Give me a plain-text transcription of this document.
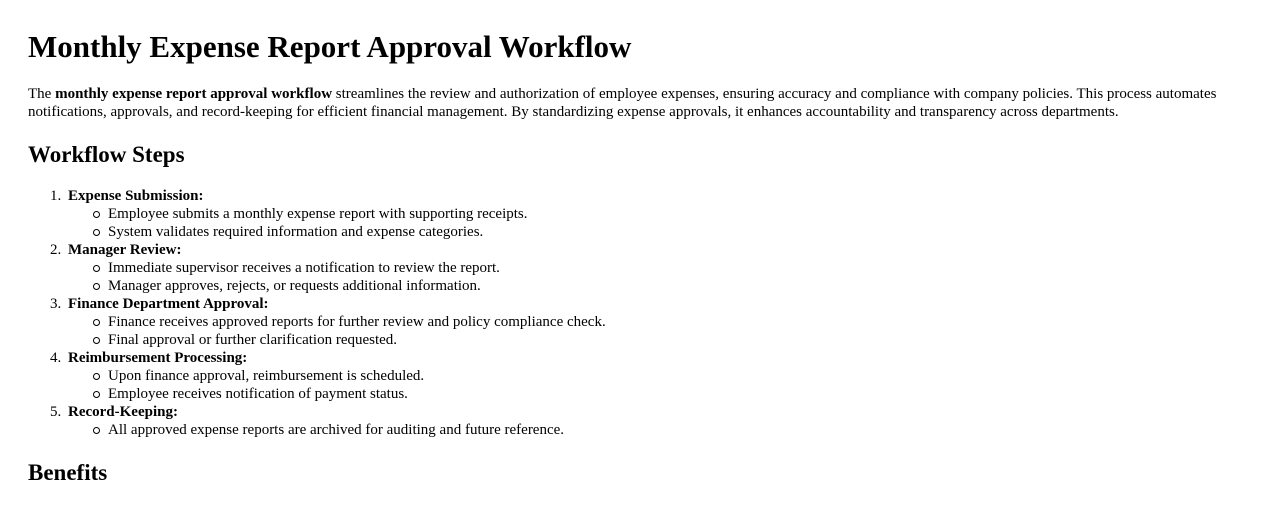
Monthly Expense Report Approval Workflow

The monthly expense report approval workflow streamlines the review and authorization of employee expenses, ensuring accuracy and compliance with company policies. This process automates notifications, approvals, and record-keeping for efficient financial management. By standardizing expense approvals, it enhances accountability and transparency across departments.

Workflow Steps
1. Expense Submission:
Employee submits a monthly expense report with supporting receipts.
System validates required information and expense categories.
2. Manager Review:
Immediate supervisor receives a notification to review the report.
Manager approves, rejects, or requests additional information.
3. Finance Department Approval:
Finance receives approved reports for further review and policy compliance check.
Final approval or further clarification requested.
4. Reimbursement Processing:
Upon finance approval, reimbursement is scheduled.
Employee receives notification of payment status.
5. Record-Keeping:
All approved expense reports are archived for auditing and future reference.
Benefits
